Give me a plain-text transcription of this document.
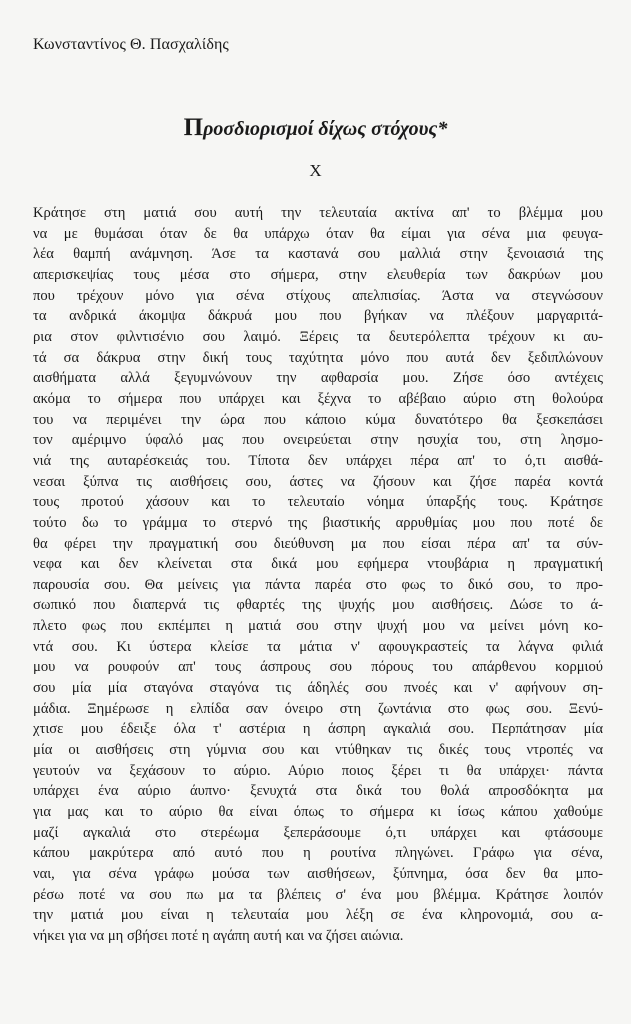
Κωνσταντίνος Θ. Πασχαλίδης
Προσδιορισμοί δίχως στόχους*
X
Κράτησε στη ματιά σου αυτή την τελευταία ακτίνα απ' το βλέμμα μου
να με θυμάσαι όταν δε θα υπάρχω όταν θα είμαι για σένα μια φευγα-
λέα θαμπή ανάμνηση. Άσε τα καστανά σου μαλλιά στην ξενοιασιά της
απερισκεψίας τους μέσα στο σήμερα, στην ελευθερία των δακρύων μου
που τρέχουν μόνο για σένα στίχους απελπισίας. Άστα να στεγνώσουν
τα ανδρικά άκομψα δάκρυά μου που βγήκαν να πλέξουν μαργαριτά-
ρια στον φιλντισένιο σου λαιμό. Ξέρεις τα δευτερόλεπτα τρέχουν κι αυ-
τά σα δάκρυα στην δική τους ταχύτητα μόνο που αυτά δεν ξεδιπλώνουν
αισθήματα αλλά ξεγυμνώνουν την αφθαρσία μου. Ζήσε όσο αντέχεις
ακόμα το σήμερα που υπάρχει και ξέχνα το αβέβαιο αύριο στη θολούρα
του να περιμένει την ώρα που κάποιο κύμα δυνατότερο θα ξεσκεπάσει
τον αμέριμνο ύφαλό μας που ονειρεύεται στην ησυχία του, στη λησμο-
νιά της αυταρέσκειάς του. Τίποτα δεν υπάρχει πέρα απ' το ό,τι αισθά-
νεσαι ξύπνα τις αισθήσεις σου, άστες να ζήσουν και ζήσε παρέα κοντά
τους προτού χάσουν και το τελευταίο νόημα ύπαρξής τους. Κράτησε
τούτο δω το γράμμα το στερνό της βιαστικής αρρυθμίας μου που ποτέ δε
θα φέρει την πραγματική σου διεύθυνση μα που είσαι πέρα απ' τα σύν-
νεφα και δεν κλείνεται στα δικά μου εφήμερα ντουβάρια η πραγματική
παρουσία σου. Θα μείνεις για πάντα παρέα στο φως το δικό σου, το προ-
σωπικό που διαπερνά τις φθαρτές της ψυχής μου αισθήσεις. Δώσε το ά-
πλετο φως που εκπέμπει η ματιά σου στην ψυχή μου να μείνει μόνη κο-
ντά σου. Κι ύστερα κλείσε τα μάτια ν' αφουγκραστείς τα λάγνα φιλιά
μου να ρουφούν απ' τους άσπρους σου πόρους του απάρθενου κορμιού
σου μία μία σταγόνα σταγόνα τις άδηλές σου πνοές και ν' αφήνουν ση-
μάδια. Ξημέρωσε η ελπίδα σαν όνειρο στη ζωντάνια στο φως σου. Ξενύ-
χτισε μου έδειξε όλα τ' αστέρια η άσπρη αγκαλιά σου. Περπάτησαν μία
μία οι αισθήσεις στη γύμνια σου και ντύθηκαν τις δικές τους ντροπές να
γευτούν να ξεχάσουν το αύριο. Αύριο ποιος ξέρει τι θα υπάρχει· πάντα
υπάρχει ένα αύριο άυπνο· ξενυχτά στα δικά του θολά απροσδόκητα μα
για μας και το αύριο θα είναι όπως το σήμερα κι ίσως κάπου χαθούμε
μαζί αγκαλιά στο στερέωμα ξεπεράσουμε ό,τι υπάρχει και φτάσουμε
κάπου μακρύτερα από αυτό που η ρουτίνα πληγώνει. Γράφω για σένα,
ναι, για σένα γράφω μούσα των αισθήσεων, ξύπνημα, όσα δεν θα μπο-
ρέσω ποτέ να σου πω μα τα βλέπεις σ' ένα μου βλέμμα. Κράτησε λοιπόν
την ματιά μου είναι η τελευταία μου λέξη σε ένα κληρονομιά, σου α-
νήκει για να μη σβήσει ποτέ η αγάπη αυτή και να ζήσει αιώνια.
